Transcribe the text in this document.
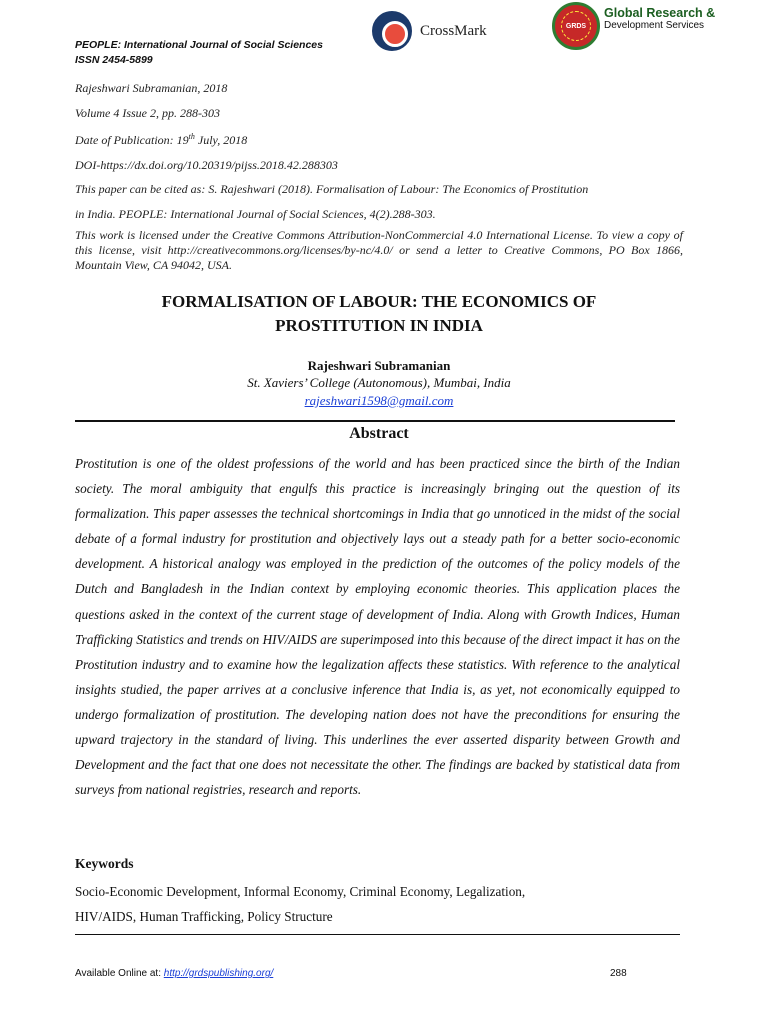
PEOPLE: International Journal of Social Sciences
ISSN 2454-5899
CrossMark	GRDS
Global Research &
Development Services

Rajeshwari Subramanian, 2018

Volume 4 Issue 2, pp. 288-303

Date of Publication: 19th July, 2018

DOI-https://dx.doi.org/10.20319/pijss.2018.42.288303

This paper can be cited as: S. Rajeshwari (2018). Formalisation of Labour: The Economics of Prostitution

in India. PEOPLE: International Journal of Social Sciences, 4(2).288-303.

This work is licensed under the Creative Commons Attribution-NonCommercial 4.0 International License. To view a copy of this license, visit http://creativecommons.org/licenses/by-nc/4.0/ or send a letter to Creative Commons, PO Box 1866, Mountain View, CA 94042, USA.
FORMALISATION OF LABOUR: THE ECONOMICS OF
PROSTITUTION IN INDIA
Rajeshwari Subramanian
St. Xaviers’ College (Autonomous), Mumbai, India
rajeshwari1598@gmail.com
Abstract

Prostitution is one of the oldest professions of the world and has been practiced since the birth of the Indian society. The moral ambiguity that engulfs this practice is increasingly bringing out the question of its formalization. This paper assesses the technical shortcomings in India that go unnoticed in the midst of the social debate of a formal industry for prostitution and objectively lays out a steady path for a better socio-economic development. A historical analogy was employed in the prediction of the outcomes of the policy models of the Dutch and Bangladesh in the Indian context by employing economic theories. This application places the questions asked in the context of the current stage of development of India. Along with Growth Indices, Human Trafficking Statistics and trends on HIV/AIDS are superimposed into this because of the direct impact it has on the Prostitution industry and to examine how the legalization affects these statistics. With reference to the analytical insights studied, the paper arrives at a conclusive inference that India is, as yet, not economically equipped to undergo formalization of prostitution. The developing nation does not have the preconditions for ensuring the upward trajectory in the standard of living. This underlines the ever asserted disparity between Growth and Development and the fact that one does not necessitate the other. The findings are backed by statistical data from surveys from national registries, research and reports.

Keywords
Socio-Economic Development, Informal Economy, Criminal Economy, Legalization,
HIV/AIDS, Human Trafficking, Policy Structure
Available Online at: http://grdspublishing.org/	288
